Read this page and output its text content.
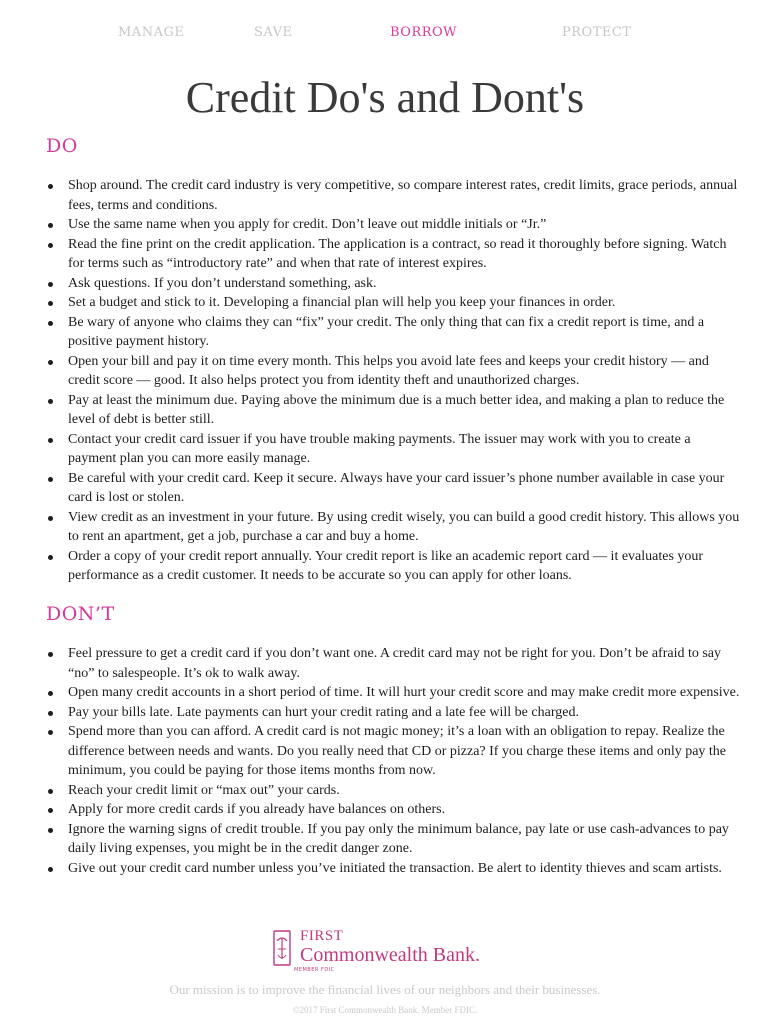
MANAGE	SAVE	BORROW	PROTECT
Credit Do's and Dont's
DO
Shop around. The credit card industry is very competitive, so compare interest rates, credit limits, grace periods, annual fees, terms and conditions.
Use the same name when you apply for credit. Don’t leave out middle initials or “Jr.”
Read the fine print on the credit application. The application is a contract, so read it thoroughly before signing. Watch for terms such as “introductory rate” and when that rate of interest expires.
Ask questions. If you don’t understand something, ask.
Set a budget and stick to it. Developing a financial plan will help you keep your finances in order.
Be wary of anyone who claims they can “fix” your credit. The only thing that can fix a credit report is time, and a positive payment history.
Open your bill and pay it on time every month. This helps you avoid late fees and keeps your credit history — and credit score — good. It also helps protect you from identity theft and unauthorized charges.
Pay at least the minimum due. Paying above the minimum due is a much better idea, and making a plan to reduce the level of debt is better still.
Contact your credit card issuer if you have trouble making payments. The issuer may work with you to create a payment plan you can more easily manage.
Be careful with your credit card. Keep it secure. Always have your card issuer’s phone number available in case your card is lost or stolen.
View credit as an investment in your future. By using credit wisely, you can build a good credit history. This allows you to rent an apartment, get a job, purchase a car and buy a home.
Order a copy of your credit report annually. Your credit report is like an academic report card — it evaluates your performance as a credit customer. It needs to be accurate so you can apply for other loans.
DON’T
Feel pressure to get a credit card if you don’t want one. A credit card may not be right for you. Don’t be afraid to say “no” to salespeople. It’s ok to walk away.
Open many credit accounts in a short period of time. It will hurt your credit score and may make credit more expensive.
Pay your bills late. Late payments can hurt your credit rating and a late fee will be charged.
Spend more than you can afford. A credit card is not magic money; it’s a loan with an obligation to repay. Realize the difference between needs and wants. Do you really need that CD or pizza? If you charge these items and only pay the minimum, you could be paying for those items months from now.
Reach your credit limit or “max out” your cards.
Apply for more credit cards if you already have balances on others.
Ignore the warning signs of credit trouble. If you pay only the minimum balance, pay late or use cash-advances to pay daily living expenses, you might be in the credit danger zone.
Give out your credit card number unless you’ve initiated the transaction. Be alert to identity thieves and scam artists.
FIRST
Commonwealth Bank.
MEMBER FDIC
Our mission is to improve the financial lives of our neighbors and their businesses.
©2017 First Commonwealth Bank. Member FDIC.
